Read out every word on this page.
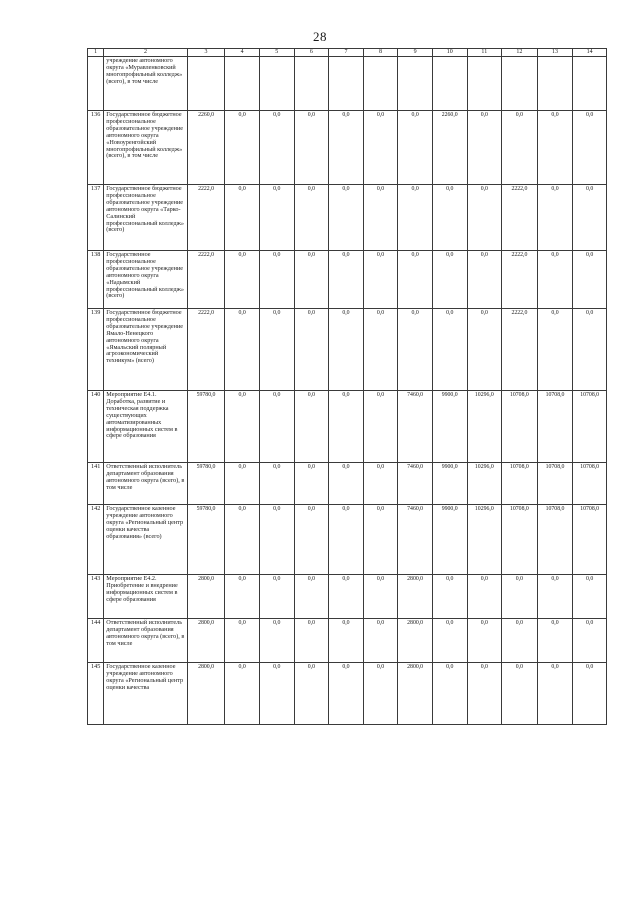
28
1	2	3	4	5	6	7	8	9	10	11	12	13	14
	учреждение автономного округа «Муравленковский многопрофильный колледж» (всего), в том числе												
136	Государственное бюджетное профессиональное образовательное учреждение автономного округа «Новоуренгойский многопрофильный колледж» (всего), в том числе	2260,0	0,0	0,0	0,0	0,0	0,0	0,0	2260,0	0,0	0,0	0,0	0,0
137	Государственное бюджетное профессиональное образовательное учреждение автономного округа «Тарко-Салинский профессиональный колледж» (всего)	2222,0	0,0	0,0	0,0	0,0	0,0	0,0	0,0	0,0	2222,0	0,0	0,0
138	Государственное профессиональное образовательное учреждение автономного округа «Надымский профессиональный колледж» (всего)	2222,0	0,0	0,0	0,0	0,0	0,0	0,0	0,0	0,0	2222,0	0,0	0,0
139	Государственное бюджетное профессиональное образовательное учреждение Ямало-Ненецкого автономного округа «Ямальский полярный агроэкономический техникум» (всего)	2222,0	0,0	0,0	0,0	0,0	0,0	0,0	0,0	0,0	2222,0	0,0	0,0
140	Мероприятие Е4.1. Доработка, развитие и техническая поддержка существующих автоматизированных информационных систем в сфере образования	59780,0	0,0	0,0	0,0	0,0	0,0	7460,0	9900,0	10296,0	10708,0	10708,0	10708,0
141	Ответственный исполнитель департамент образования автономного округа (всего), в том числе	59780,0	0,0	0,0	0,0	0,0	0,0	7460,0	9900,0	10296,0	10708,0	10708,0	10708,0
142	Государственное казенное учреждение автономного округа «Региональный центр оценки качества образования» (всего)	59780,0	0,0	0,0	0,0	0,0	0,0	7460,0	9900,0	10296,0	10708,0	10708,0	10708,0
143	Мероприятие Е4.2. Приобретение и внедрение информационных систем в сфере образования	2800,0	0,0	0,0	0,0	0,0	0,0	2800,0	0,0	0,0	0,0	0,0	0,0
144	Ответственный исполнитель департамент образования автономного округа (всего), в том числе	2800,0	0,0	0,0	0,0	0,0	0,0	2800,0	0,0	0,0	0,0	0,0	0,0
145	Государственное казенное учреждение автономного округа «Региональный центр оценки качества	2800,0	0,0	0,0	0,0	0,0	0,0	2800,0	0,0	0,0	0,0	0,0	0,0
